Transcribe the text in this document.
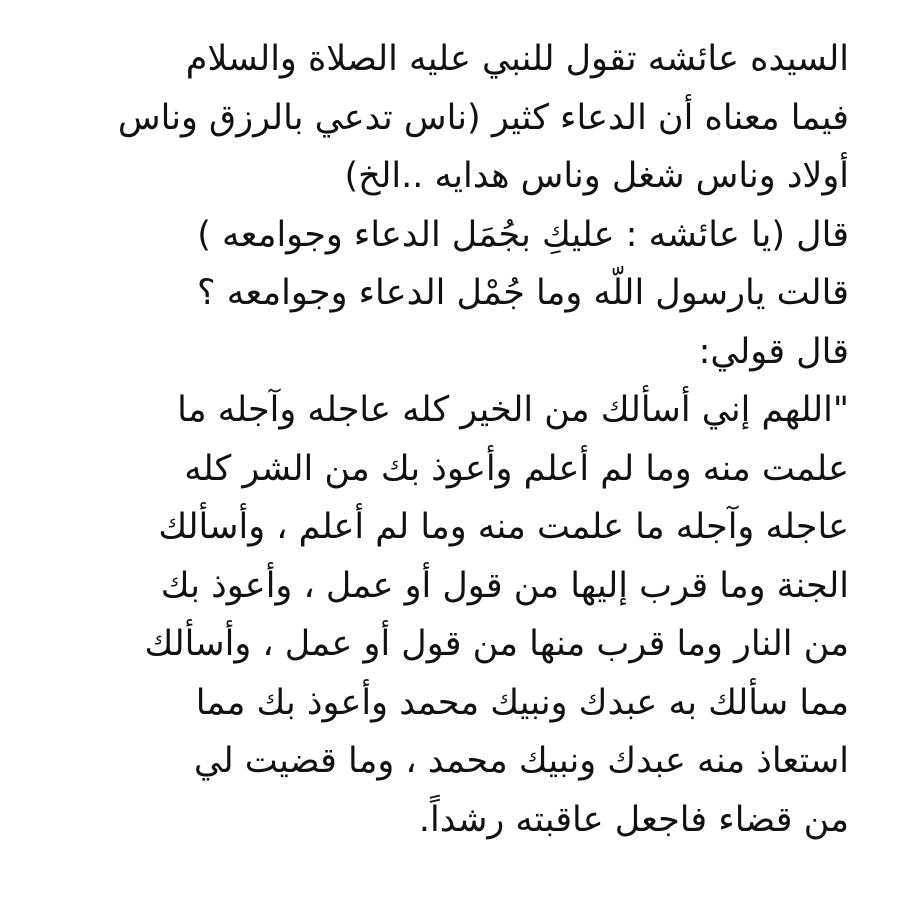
السيده عائشه تقول للنبي عليه الصلاة والسلام
فيما معناه أن الدعاء كثير (ناس تدعي بالرزق وناس
أولاد وناس شغل وناس هدايه ..الخ)
قال (يا عائشه : عليكِ بجُمَل الدعاء وجوامعه )
قالت يارسول اللّه وما جُمْل الدعاء وجوامعه ؟
قال قولي:
"اللهم إني أسألك من الخير كله عاجله وآجله ما
علمت منه وما لم أعلم وأعوذ بك من الشر كله
عاجله وآجله ما علمت منه وما لم أعلم ، وأسألك
الجنة وما قرب إليها من قول أو عمل ، وأعوذ بك
من النار وما قرب منها من قول أو عمل ، وأسألك
مما سألك به عبدك ونبيك محمد وأعوذ بك مما
استعاذ منه عبدك ونبيك محمد ، وما قضيت لي
من قضاء فاجعل عاقبته رشداً.
